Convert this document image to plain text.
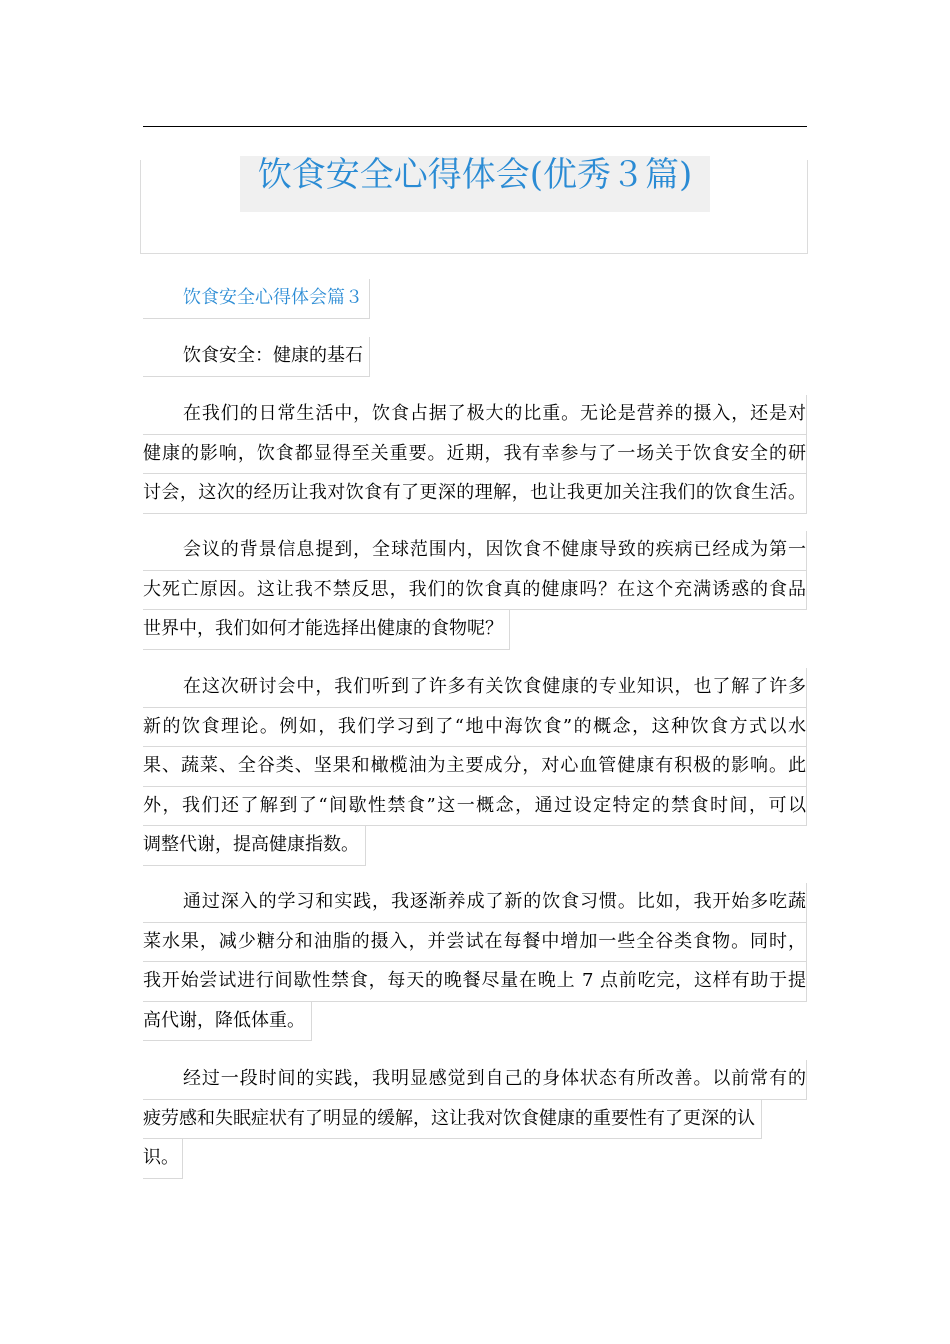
饮食安全心得体会(优秀３篇)

饮食安全心得体会篇３

饮食安全：健康的基石

在我们的日常生活中，饮食占据了极大的比重。无论是营养的摄入，还是对
健康的影响，饮食都显得至关重要。近期，我有幸参与了一场关于饮食安全的研
讨会，这次的经历让我对饮食有了更深的理解，也让我更加关注我们的饮食生活。

会议的背景信息提到，全球范围内，因饮食不健康导致的疾病已经成为第一
大死亡原因。这让我不禁反思，我们的饮食真的健康吗？在这个充满诱惑的食品
世界中，我们如何才能选择出健康的食物呢？

在这次研讨会中，我们听到了许多有关饮食健康的专业知识，也了解了许多
新的饮食理论。例如，我们学习到了“地中海饮食”的概念，这种饮食方式以水
果、蔬菜、全谷类、坚果和橄榄油为主要成分，对心血管健康有积极的影响。此
外，我们还了解到了“间歇性禁食”这一概念，通过设定特定的禁食时间，可以
调整代谢，提高健康指数。

通过深入的学习和实践，我逐渐养成了新的饮食习惯。比如，我开始多吃蔬
菜水果，减少糖分和油脂的摄入，并尝试在每餐中增加一些全谷类食物。同时，
我开始尝试进行间歇性禁食，每天的晚餐尽量在晚上 7 点前吃完，这样有助于提
高代谢，降低体重。

经过一段时间的实践，我明显感觉到自己的身体状态有所改善。以前常有的
疲劳感和失眠症状有了明显的缓解，这让我对饮食健康的重要性有了更深的认
识。
